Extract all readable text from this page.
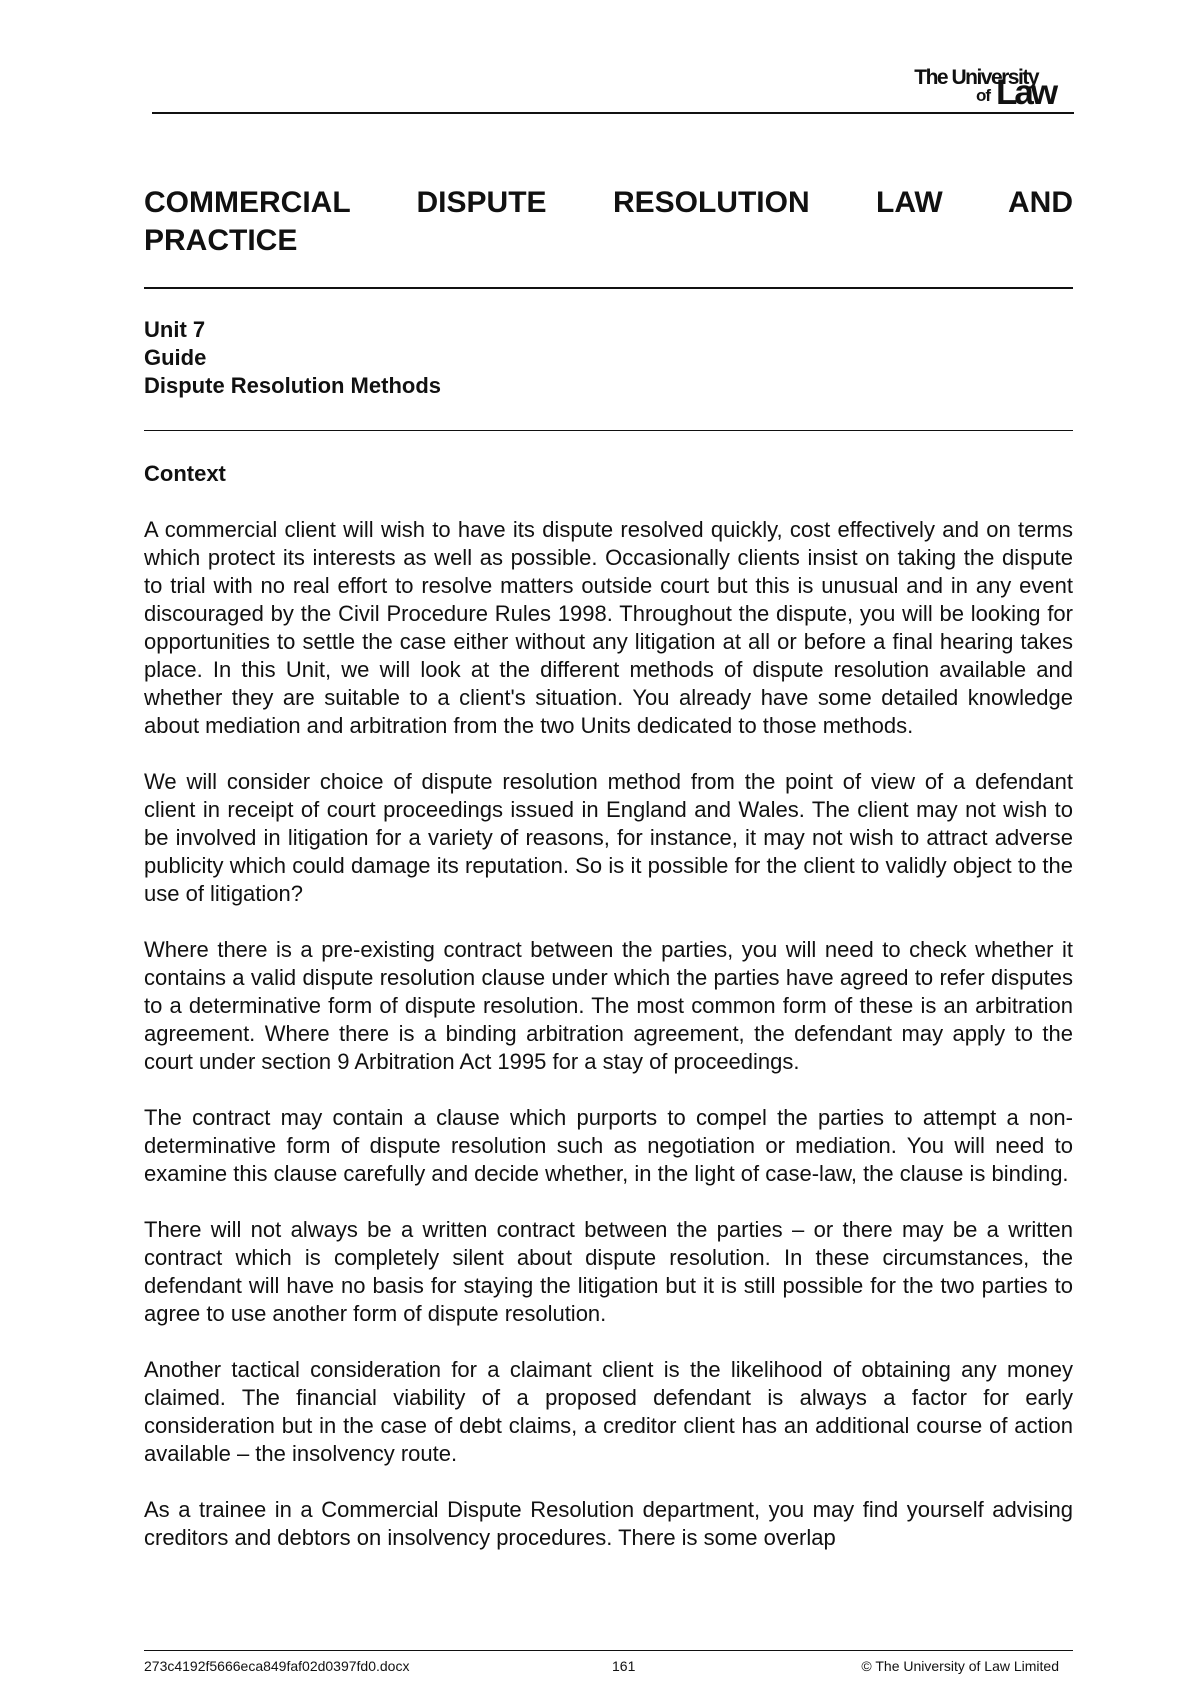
The University
of Law
COMMERCIAL DISPUTE RESOLUTION LAW AND
PRACTICE
Unit 7
Guide
Dispute Resolution Methods
Context

A commercial client will wish to have its dispute resolved quickly, cost effectively and on terms which protect its interests as well as possible. Occasionally clients insist on taking the dispute to trial with no real effort to resolve matters outside court but this is unusual and in any event discouraged by the Civil Procedure Rules 1998. Throughout the dispute, you will be looking for opportunities to settle the case either without any litigation at all or before a final hearing takes place. In this Unit, we will look at the different methods of dispute resolution available and whether they are suitable to a client's situation. You already have some detailed knowledge about mediation and arbitration from the two Units dedicated to those methods.

We will consider choice of dispute resolution method from the point of view of a defendant client in receipt of court proceedings issued in England and Wales. The client may not wish to be involved in litigation for a variety of reasons, for instance, it may not wish to attract adverse publicity which could damage its reputation. So is it possible for the client to validly object to the use of litigation?

Where there is a pre-existing contract between the parties, you will need to check whether it contains a valid dispute resolution clause under which the parties have agreed to refer disputes to a determinative form of dispute resolution. The most common form of these is an arbitration agreement. Where there is a binding arbitration agreement, the defendant may apply to the court under section 9 Arbitration Act 1995 for a stay of proceedings.

The contract may contain a clause which purports to compel the parties to attempt a non-determinative form of dispute resolution such as negotiation or mediation. You will need to examine this clause carefully and decide whether, in the light of case-law, the clause is binding.

There will not always be a written contract between the parties – or there may be a written contract which is completely silent about dispute resolution. In these circumstances, the defendant will have no basis for staying the litigation but it is still possible for the two parties to agree to use another form of dispute resolution.

Another tactical consideration for a claimant client is the likelihood of obtaining any money claimed. The financial viability of a proposed defendant is always a factor for early consideration but in the case of debt claims, a creditor client has an additional course of action available – the insolvency route.

As a trainee in a Commercial Dispute Resolution department, you may find yourself advising creditors and debtors on insolvency procedures. There is some overlap

273c4192f5666eca849faf02d0397fd0.docx	161	© The University of Law Limited
